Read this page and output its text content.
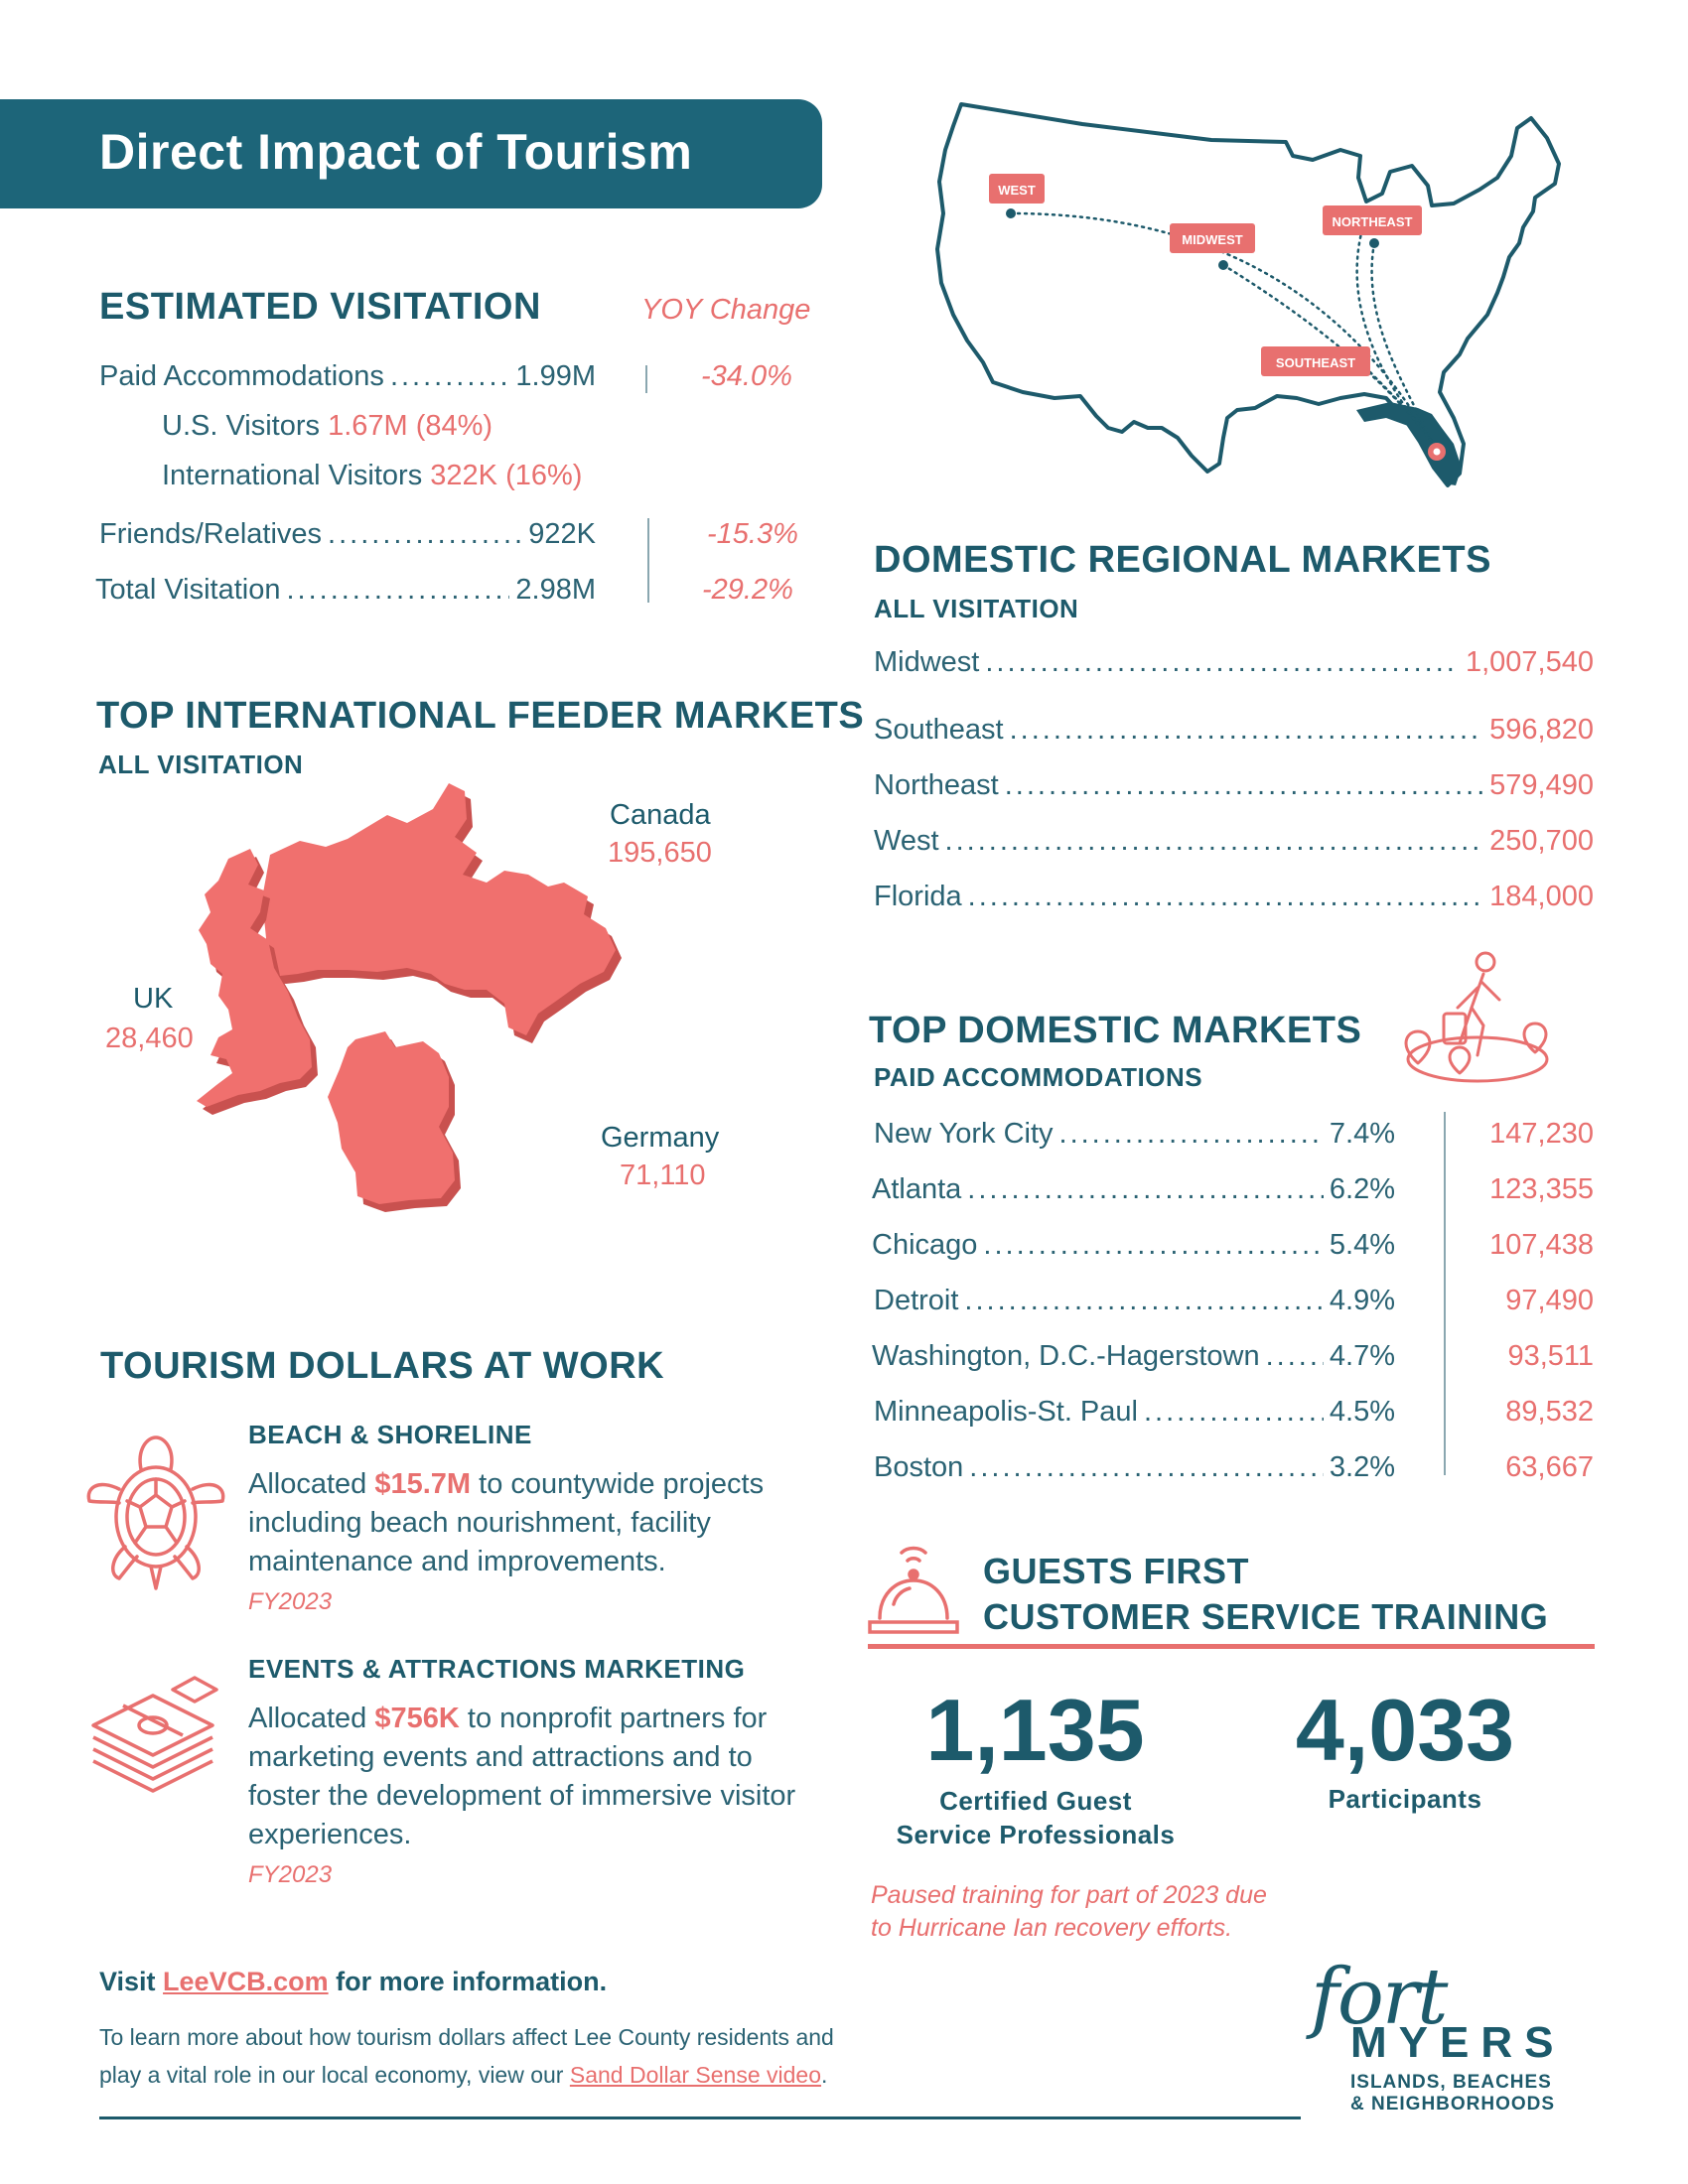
Direct Impact of Tourism
ESTIMATED VISITATION	YOY Change
Paid Accommodations .....	1.99M	-34.0%
U.S. Visitors 1.67M (84%)
International Visitors 322K (16%)
Friends/Relatives .....	922K	-15.3%
Total Visitation .....	2.98M	-29.2%
WEST
MIDWEST
NORTHEAST
SOUTHEAST
DOMESTIC REGIONAL MARKETS
ALL VISITATION
Midwest .....	1,007,540
Southeast .....	596,820
Northeast .....	579,490
West .....	250,700
Florida .....	184,000
TOP INTERNATIONAL FEEDER MARKETS
ALL VISITATION
Canada
195,650
UK
28,460
Germany
71,110
TOP DOMESTIC MARKETS
PAID ACCOMMODATIONS
New York City .....	7.4%	147,230
Atlanta .....	6.2%	123,355
Chicago .....	5.4%	107,438
Detroit .....	4.9%	97,490
Washington, D.C.-Hagerstown ..... 4.7%	93,511
Minneapolis-St. Paul .....	4.5%	89,532
Boston .....	3.2%	63,667
TOURISM DOLLARS AT WORK
BEACH & SHORELINE
Allocated $15.7M to countywide projects including beach nourishment, facility maintenance and improvements.
FY2023
EVENTS & ATTRACTIONS MARKETING
Allocated $756K to nonprofit partners for marketing events and attractions and to foster the development of immersive visitor experiences.
FY2023
GUESTS FIRST
CUSTOMER SERVICE TRAINING
1,135
Certified Guest
Service Professionals
4,033
Participants
Paused training for part of 2023 due
to Hurricane Ian recovery efforts.
Visit LeeVCB.com for more information.
To learn more about how tourism dollars affect Lee County residents and
play a vital role in our local economy, view our Sand Dollar Sense video.
fort
MYERS
ISLANDS, BEACHES
& NEIGHBORHOODS
